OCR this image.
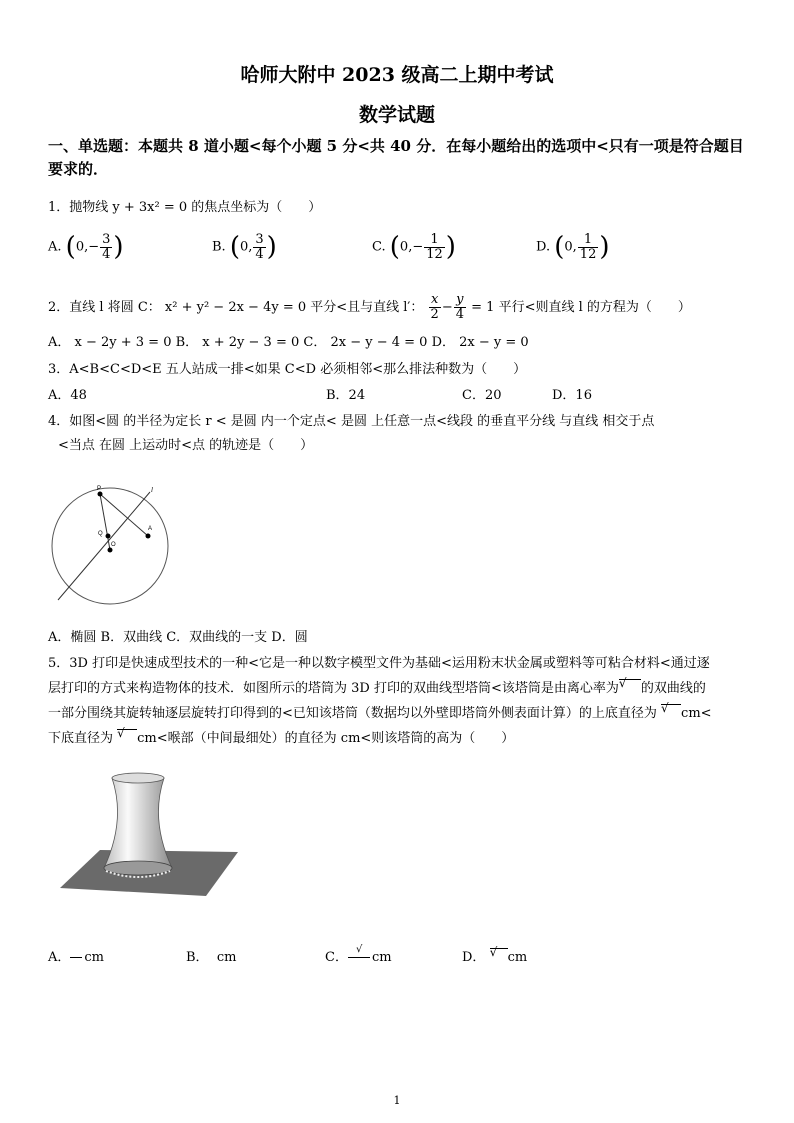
哈师大附中 2023 级高二上期中考试
数学试题
一、单选题：本题共 8 道小题<每个小题 5 分<共 40 分．在每小题给出的选项中<只有一项是符合题目要求的．
1．抛物线 y + 3x² = 0 的焦点坐标为（　　）
A. ($0,- \frac{3}{4}$ )	B. (0, $\frac{3}{4}$ )	C. ($0,- \frac{1}{12}$ )	D. (0, $\frac{1}{12}$ )
2．直线 l 将圆 C： x² + y² − 2x − 4y = 0 平分<且与直线 l′： $\frac{x}{2} - \frac{y}{4} = 1$ 平行<则直线 l 的方程为（　　）
A． x − 2y + 3 = 0 B． x + 2y − 3 = 0 C． 2x − y − 4 = 0 D． 2x − y = 0
3．A<B<C<D<E 五人站成一排<如果 C<D 必须相邻<那么排法种数为（　　）
A．48	B．24	C．20	D．16
4．如图<圆 的半径为定长 r < 是圆 内一个定点< 是圆 上任意一点<线段 的垂直平分线 与直线 相交于点
<当点 在圆 上运动时<点 的轨迹是（　　）
P	l
Q
A
O
A．椭圆 B．双曲线 C．双曲线的一支 D．圆
5．3D 打印是快速成型技术的一种<它是一种以数字模型文件为基础<运用粉末状金属或塑料等可粘合材料<通过逐
层打印的方式来构造物体的技术．如图所示的塔筒为 3D 打印的双曲线型塔筒<该塔筒是由离心率为 √ 的双曲线的
一部分围绕其旋转轴逐层旋转打印得到的<已知该塔筒（数据均以外壁即塔筒外侧表面计算）的上底直径为 √ cm<
下底直径为 √ cm<喉部（中间最细处）的直径为 cm<则该塔筒的高为（　　）
A． cm	B． cm	C．
√
cm	D． √ cm
1
